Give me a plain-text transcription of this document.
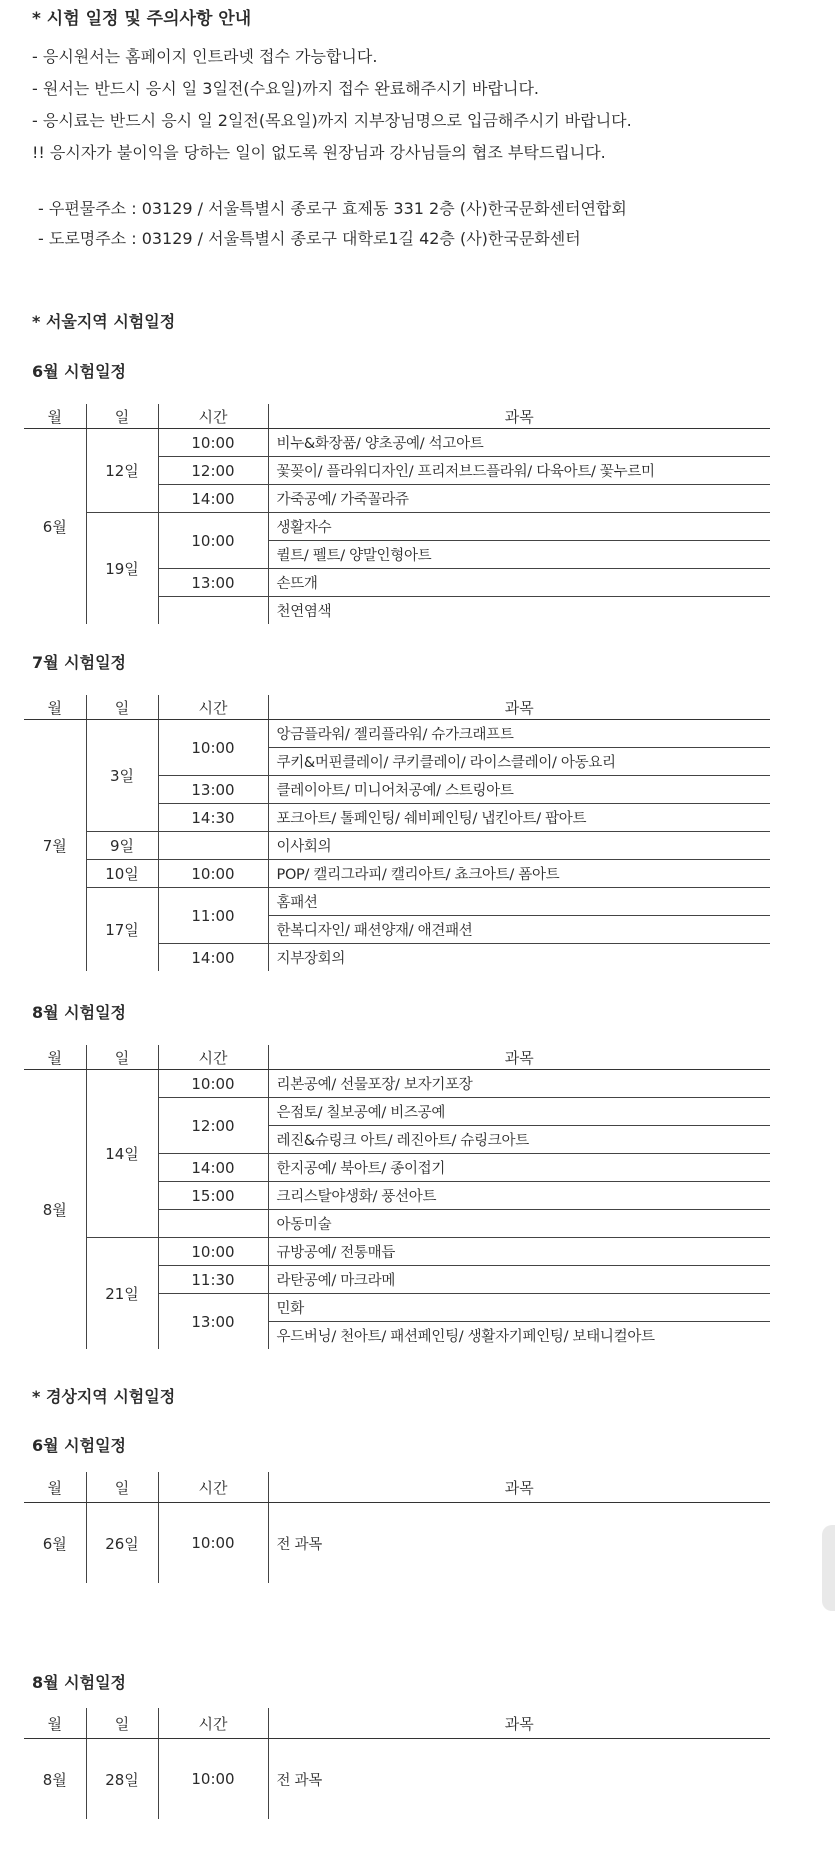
* 시험 일정 및 주의사항 안내
- 응시원서는 홈페이지 인트라넷 접수 가능합니다.
- 원서는 반드시 응시 일 3일전(수요일)까지 접수 완료해주시기 바랍니다.
- 응시료는 반드시 응시 일 2일전(목요일)까지 지부장님명으로 입금해주시기 바랍니다.
!! 응시자가 불이익을 당하는 일이 없도록 원장님과 강사님들의 협조 부탁드립니다.
- 우편물주소 : 03129 / 서울특별시 종로구 효제동 331 2층 (사)한국문화센터연합회
- 도로명주소 : 03129 / 서울특별시 종로구 대학로1길 42층 (사)한국문화센터
* 서울지역 시험일정
6월 시험일정
월	일	시간	과목
6월	12일	10:00	비누&화장품/ 양초공예/ 석고아트
		12:00	꽃꽂이/ 플라워디자인/ 프리저브드플라워/ 다육아트/ 꽃누르미
		14:00	가죽공예/ 가죽꼴라쥬
	19일	10:00	생활자수
			퀼트/ 펠트/ 양말인형아트
		13:00	손뜨개
			천연염색
7월 시험일정
월	일	시간	과목
7월	3일	10:00	앙금플라워/ 젤리플라워/ 슈가크래프트
			쿠키&머핀클레이/ 쿠키클레이/ 라이스클레이/ 아동요리
		13:00	클레이아트/ 미니어처공예/ 스트링아트
		14:30	포크아트/ 톨페인팅/ 쉐비페인팅/ 냅킨아트/ 팝아트
	9일		이사회의
	10일	10:00	POP/ 캘리그라피/ 캘리아트/ 쵸크아트/ 폼아트
	17일	11:00	홈패션
			한복디자인/ 패션양재/ 애견패션
		14:00	지부장회의
8월 시험일정
월	일	시간	과목
8월	14일	10:00	리본공예/ 선물포장/ 보자기포장
		12:00	은점토/ 칠보공예/ 비즈공예
			레진&슈링크 아트/ 레진아트/ 슈링크아트
		14:00	한지공예/ 북아트/ 종이접기
		15:00	크리스탈야생화/ 풍선아트
			아동미술
	21일	10:00	규방공예/ 전통매듭
		11:30	라탄공예/ 마크라메
		13:00	민화
			우드버닝/ 천아트/ 패션페인팅/ 생활자기페인팅/ 보태니컬아트
* 경상지역 시험일정
6월 시험일정
월	일	시간	과목
6월	26일	10:00	전 과목
8월 시험일정
월	일	시간	과목
8월	28일	10:00	전 과목
